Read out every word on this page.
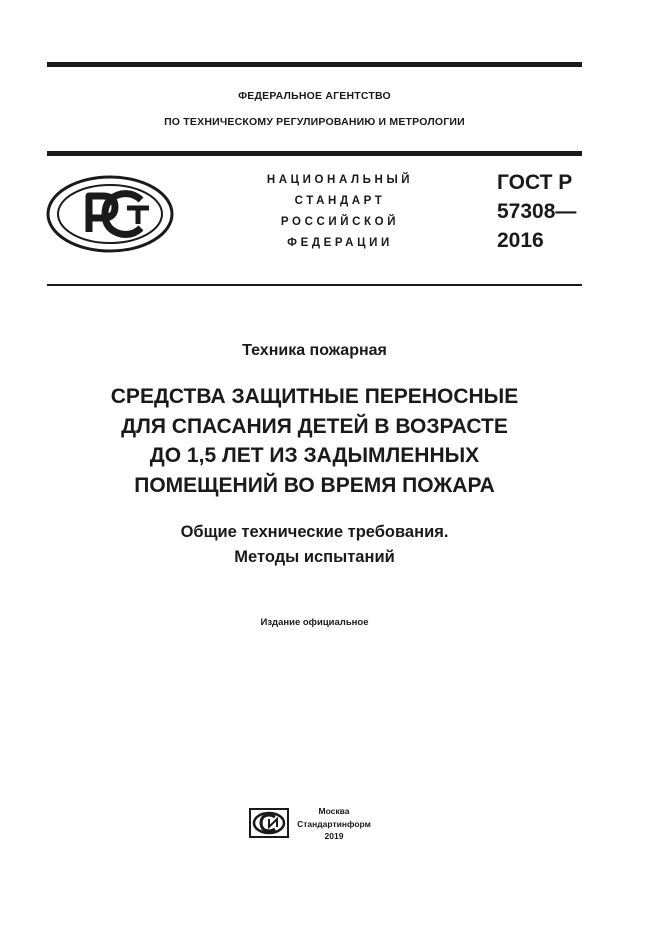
ФЕДЕРАЛЬНОЕ АГЕНТСТВО
ПО ТЕХНИЧЕСКОМУ РЕГУЛИРОВАНИЮ И МЕТРОЛОГИИ
НАЦИОНАЛЬНЫЙ
СТАНДАРТ
РОССИЙСКОЙ
ФЕДЕРАЦИИ
ГОСТ Р
57308—
2016
Техника пожарная
СРЕДСТВА ЗАЩИТНЫЕ ПЕРЕНОСНЫЕ
ДЛЯ СПАСАНИЯ ДЕТЕЙ В ВОЗРАСТЕ
ДО 1,5 ЛЕТ ИЗ ЗАДЫМЛЕННЫХ
ПОМЕЩЕНИЙ ВО ВРЕМЯ ПОЖАРА
Общие технические требования.
Методы испытаний
Издание официальное
Москва
Стандартинформ
2019
